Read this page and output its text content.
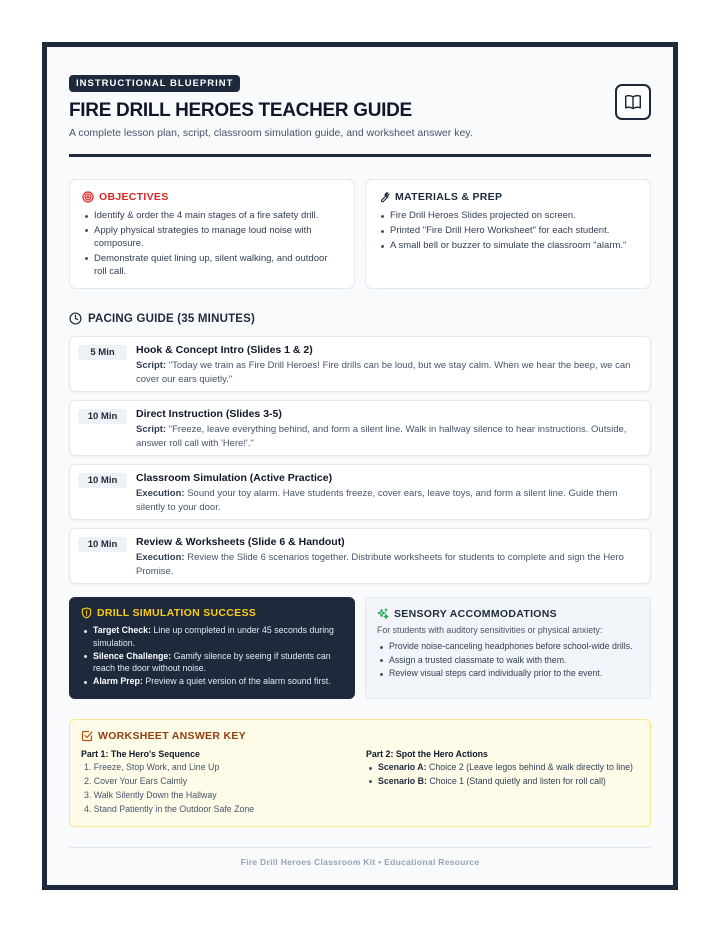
INSTRUCTIONAL BLUEPRINT
FIRE DRILL HEROES TEACHER GUIDE
A complete lesson plan, script, classroom simulation guide, and worksheet answer key.
OBJECTIVES
Identify & order the 4 main stages of a fire safety drill.
Apply physical strategies to manage loud noise with composure.
Demonstrate quiet lining up, silent walking, and outdoor roll call.
MATERIALS & PREP
Fire Drill Heroes Slides projected on screen.
Printed "Fire Drill Hero Worksheet" for each student.
A small bell or buzzer to simulate the classroom "alarm."
PACING GUIDE (35 MINUTES)
5 Min	Hook & Concept Intro (Slides 1 & 2)
Script: "Today we train as Fire Drill Heroes! Fire drills can be loud, but we stay calm. When we hear the beep, we can cover our ears quietly."
10 Min	Direct Instruction (Slides 3-5)
Script: "Freeze, leave everything behind, and form a silent line. Walk in hallway silence to hear instructions. Outside, answer roll call with 'Here!'."
10 Min	Classroom Simulation (Active Practice)
Execution: Sound your toy alarm. Have students freeze, cover ears, leave toys, and form a silent line. Guide them silently to your door.
10 Min	Review & Worksheets (Slide 6 & Handout)
Execution: Review the Slide 6 scenarios together. Distribute worksheets for students to complete and sign the Hero Promise.
DRILL SIMULATION SUCCESS
Target Check: Line up completed in under 45 seconds during simulation.
Silence Challenge: Gamify silence by seeing if students can reach the door without noise.
Alarm Prep: Preview a quiet version of the alarm sound first.
SENSORY ACCOMMODATIONS
For students with auditory sensitivities or physical anxiety:
Provide noise-canceling headphones before school-wide drills.
Assign a trusted classmate to walk with them.
Review visual steps card individually prior to the event.
WORKSHEET ANSWER KEY
Part 1: The Hero's Sequence
1. Freeze, Stop Work, and Line Up
2. Cover Your Ears Calmly
3. Walk Silently Down the Hallway
4. Stand Patiently in the Outdoor Safe Zone
Part 2: Spot the Hero Actions
Scenario A: Choice 2 (Leave legos behind & walk directly to line)
Scenario B: Choice 1 (Stand quietly and listen for roll call)
Fire Drill Heroes Classroom Kit • Educational Resource
